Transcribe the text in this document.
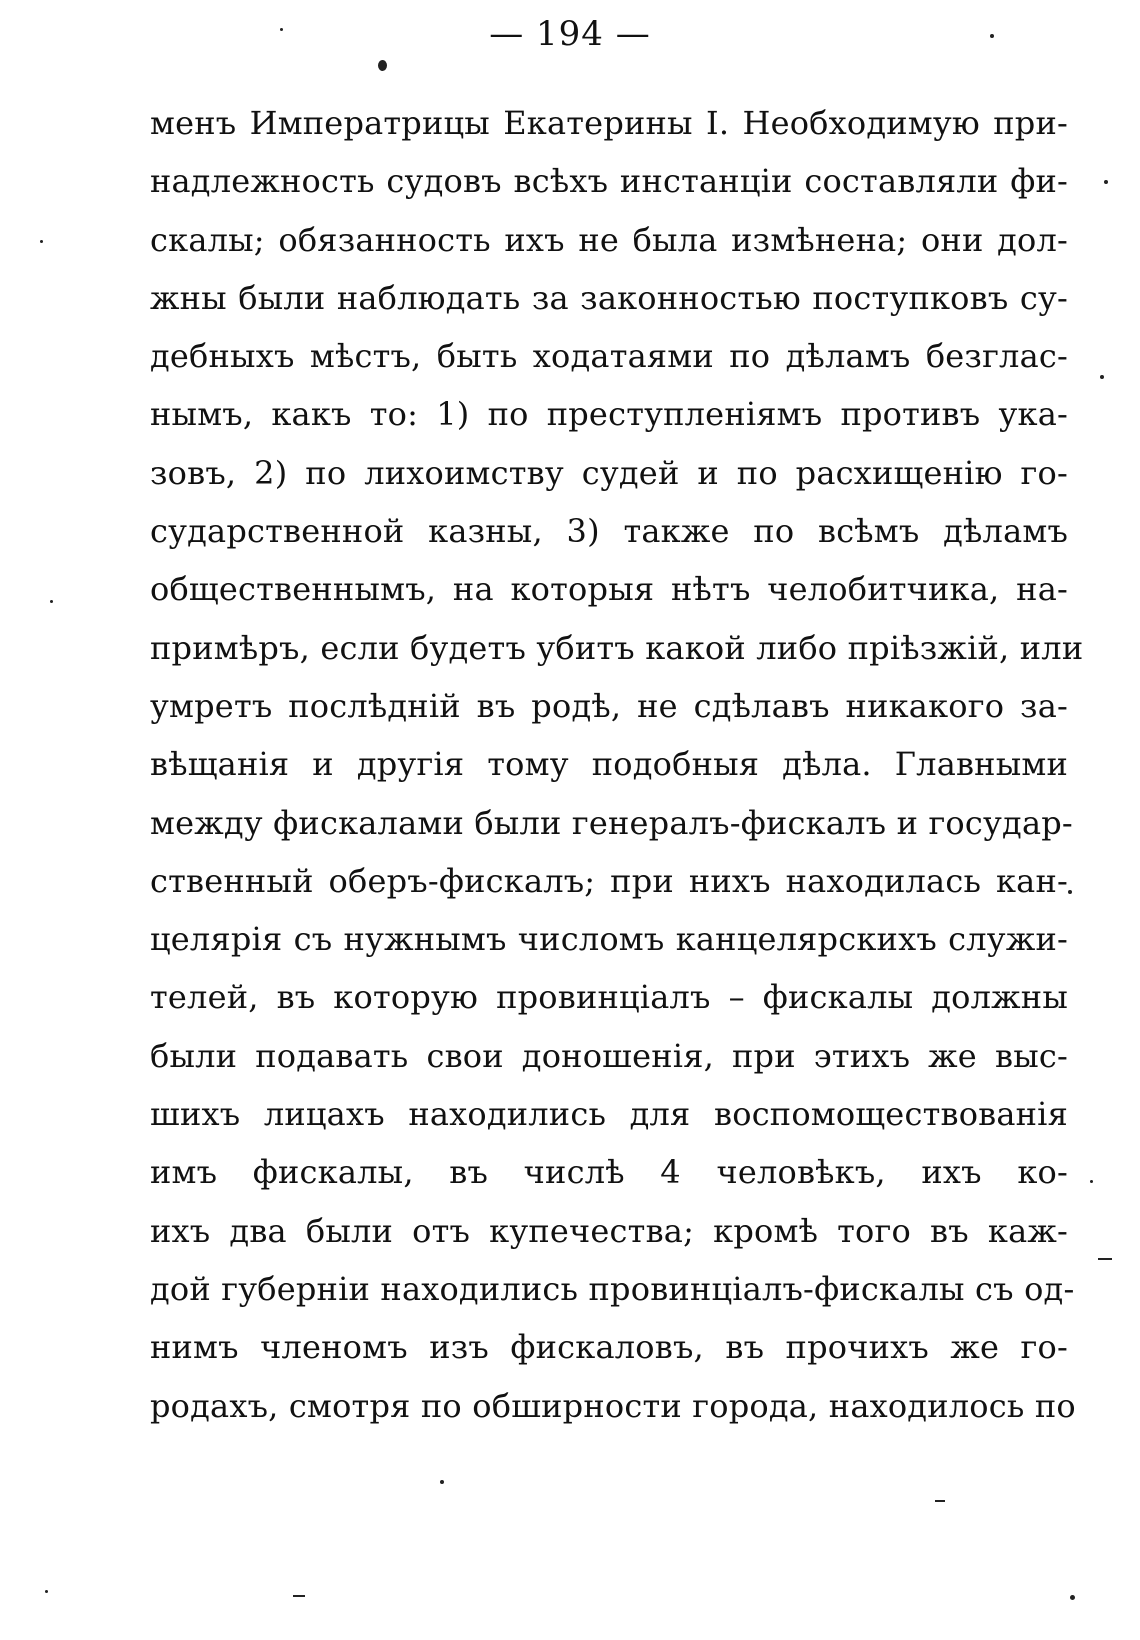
— 194 —
менъ Императрицы Екатерины I. Необходимую при-
надлежность судовъ всѣхъ инстанціи составляли фи-
скалы; обязанность ихъ не была измѣнена; они дол-
жны были наблюдать за законностью поступковъ су-
дебныхъ мѣстъ, быть ходатаями по дѣламъ безглас-
нымъ, какъ то: 1) по преступленіямъ противъ ука-
зовъ, 2) по лихоимству судей и по расхищенію го-
сударственной казны, 3) также по всѣмъ дѣламъ
общественнымъ, на которыя нѣтъ челобитчика, на-
примѣръ, если будетъ убитъ какой либо пріѣзжій, или
умретъ послѣдній въ родѣ, не сдѣлавъ никакого за-
вѣщанія и другія тому подобныя дѣла. Главными
между фискалами были генералъ-фискалъ и государ-
ственный оберъ-фискалъ; при нихъ находилась кан-
целярія съ нужнымъ числомъ канцелярскихъ служи-
телей, въ которую провинціалъ – фискалы должны
были подавать свои доношенія, при этихъ же выс-
шихъ лицахъ находились для воспомоществованія
имъ фискалы, въ числѣ 4 человѣкъ, ихъ ко-
ихъ два были отъ купечества; кромѣ того въ каж-
дой губерніи находились провинціалъ-фискалы съ од-
нимъ членомъ изъ фискаловъ, въ прочихъ же го-
родахъ, смотря по обширности города, находилось по
